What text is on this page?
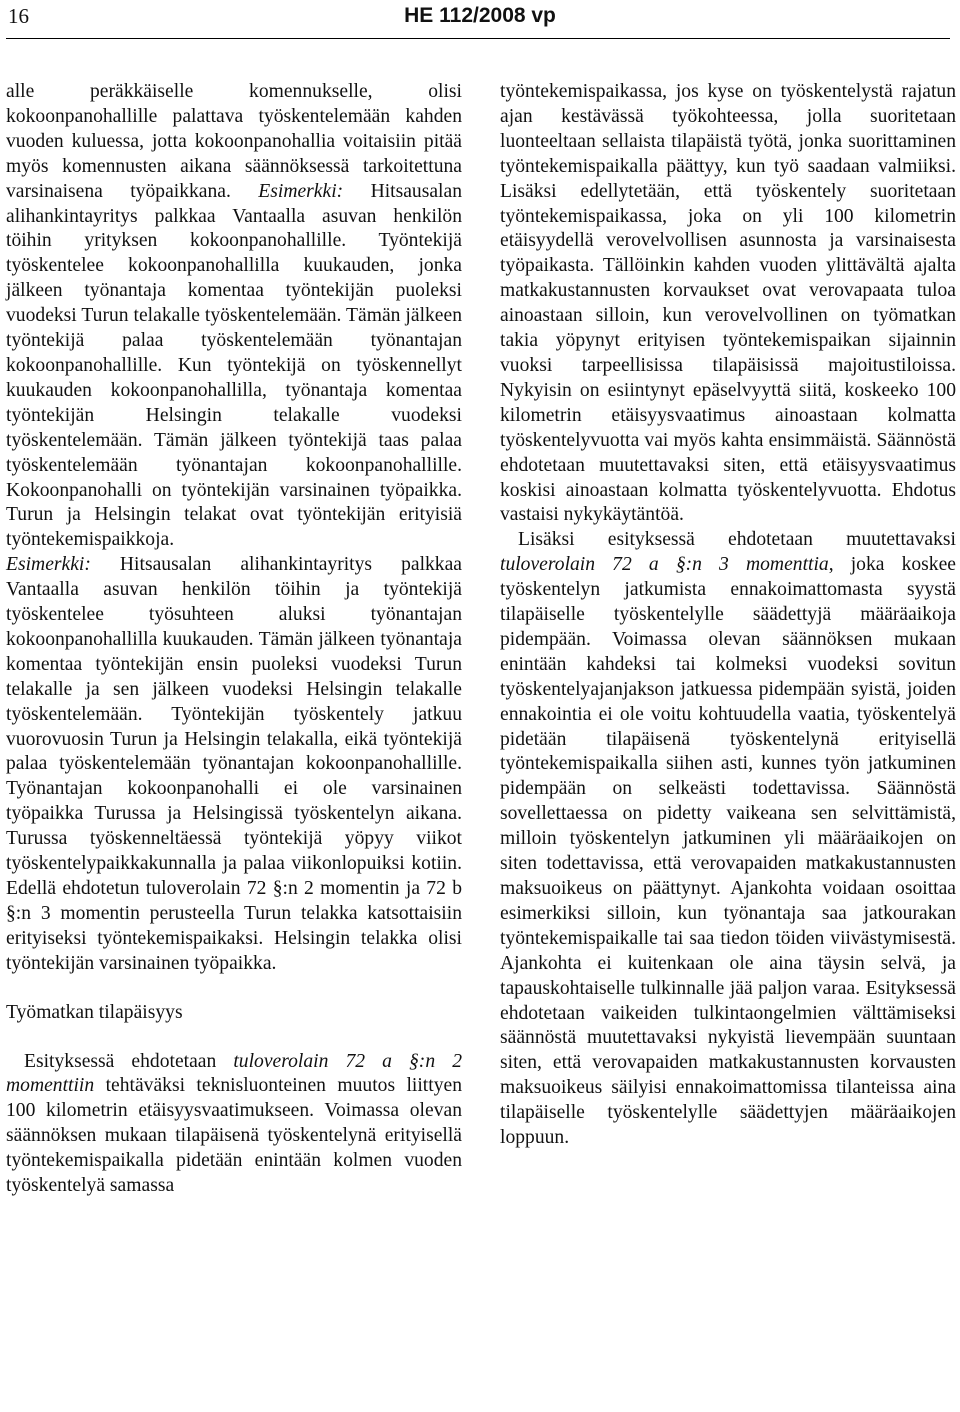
16	HE 112/2008 vp

alle peräkkäiselle komennukselle, olisi kokoonpanohallille palattava työskentelemään kahden vuoden kuluessa, jotta kokoonpanohallia voitaisiin pitää myös komennusten aikana säännöksessä tarkoitettuna varsinaisena työpaikkana. Esimerkki: Hitsausalan alihankintayritys palkkaa Vantaalla asuvan henkilön töihin yrityksen kokoonpanohallille. Työntekijä työskentelee kokoonpanohallilla kuukauden, jonka jälkeen työnantaja komentaa työntekijän puoleksi vuodeksi Turun telakalle työskentelemään. Tämän jälkeen työntekijä palaa työskentelemään työnantajan kokoonpanohallille. Kun työntekijä on työskennellyt kuukauden kokoonpanohallilla, työnantaja komentaa työntekijän Helsingin telakalle vuodeksi työskentelemään. Tämän jälkeen työntekijä taas palaa työskentelemään työnantajan kokoonpanohallille. Kokoonpanohalli on työntekijän varsinainen työpaikka. Turun ja Helsingin telakat ovat työntekijän erityisiä työntekemispaikkoja.

Esimerkki: Hitsausalan alihankintayritys palkkaa Vantaalla asuvan henkilön töihin ja työntekijä työskentelee työsuhteen aluksi työnantajan kokoonpanohallilla kuukauden. Tämän jälkeen työnantaja komentaa työntekijän ensin puoleksi vuodeksi Turun telakalle ja sen jälkeen vuodeksi Helsingin telakalle työskentelemään. Työntekijän työskentely jatkuu vuorovuosin Turun ja Helsingin telakalla, eikä työntekijä palaa työskentelemään työnantajan kokoonpanohallille. Työnantajan kokoonpanohalli ei ole varsinainen työpaikka Turussa ja Helsingissä työskentelyn aikana. Turussa työskenneltäessä työntekijä yöpyy viikot työskentelypaikkakunnalla ja palaa viikonlopuiksi kotiin. Edellä ehdotetun tuloverolain 72 §:n 2 momentin ja 72 b §:n 3 momentin perusteella Turun telakka katsottaisiin erityiseksi työntekemispaikaksi. Helsingin telakka olisi työntekijän varsinainen työpaikka.

Työmatkan tilapäisyys

Esityksessä ehdotetaan tuloverolain 72 a §:n 2 momenttiin tehtäväksi teknisluonteinen muutos liittyen 100 kilometrin etäisyysvaatimukseen. Voimassa olevan säännöksen mukaan tilapäisenä työskentelynä erityisellä työntekemispaikalla pidetään enintään kolmen vuoden työskentelyä samassa

työntekemispaikassa, jos kyse on työskentelystä rajatun ajan kestävässä työkohteessa, jolla suoritetaan luonteeltaan sellaista tilapäistä työtä, jonka suorittaminen työntekemispaikalla päättyy, kun työ saadaan valmiiksi. Lisäksi edellytetään, että työskentely suoritetaan työntekemispaikassa, joka on yli 100 kilometrin etäisyydellä verovelvollisen asunnosta ja varsinaisesta työpaikasta. Tällöinkin kahden vuoden ylittävältä ajalta matkakustannusten korvaukset ovat verovapaata tuloa ainoastaan silloin, kun verovelvollinen on työmatkan takia yöpynyt erityisen työntekemispaikan sijainnin vuoksi tarpeellisissa tilapäisissä majoitustiloissa. Nykyisin on esiintynyt epäselvyyttä siitä, koskeeko 100 kilometrin etäisyysvaatimus ainoastaan kolmatta työskentelyvuotta vai myös kahta ensimmäistä. Säännöstä ehdotetaan muutettavaksi siten, että etäisyysvaatimus koskisi ainoastaan kolmatta työskentelyvuotta. Ehdotus vastaisi nykykäytäntöä.

Lisäksi esityksessä ehdotetaan muutettavaksi tuloverolain 72 a §:n 3 momenttia, joka koskee työskentelyn jatkumista ennakoimattomasta syystä tilapäiselle työskentelylle säädettyjä määräaikoja pidempään. Voimassa olevan säännöksen mukaan enintään kahdeksi tai kolmeksi vuodeksi sovitun työskentelyajanjakson jatkuessa pidempään syistä, joiden ennakointia ei ole voitu kohtuudella vaatia, työskentelyä pidetään tilapäisenä työskentelynä erityisellä työntekemispaikalla siihen asti, kunnes työn jatkuminen pidempään on selkeästi todettavissa. Säännöstä sovellettaessa on pidetty vaikeana sen selvittämistä, milloin työskentelyn jatkuminen yli määräaikojen on siten todettavissa, että verovapaiden matkakustannusten maksuoikeus on päättynyt. Ajankohta voidaan osoittaa esimerkiksi silloin, kun työnantaja saa jatkourakan työntekemispaikalle tai saa tiedon töiden viivästymisestä. Ajankohta ei kuitenkaan ole aina täysin selvä, ja tapauskohtaiselle tulkinnalle jää paljon varaa. Esityksessä ehdotetaan vaikeiden tulkintaongelmien välttämiseksi säännöstä muutettavaksi nykyistä lievempään suuntaan siten, että verovapaiden matkakustannusten korvausten maksuoikeus säilyisi ennakoimattomissa tilanteissa aina tilapäiselle työskentelylle säädettyjen määräaikojen loppuun.
